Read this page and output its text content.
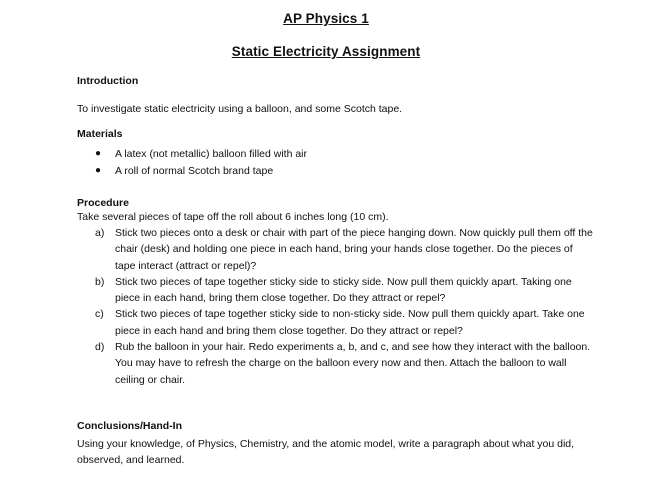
AP Physics 1
Static Electricity Assignment
Introduction
To investigate static electricity using a balloon, and some Scotch tape.
Materials
● A latex (not metallic) balloon filled with air
● A roll of normal Scotch brand tape
Procedure
Take several pieces of tape off the roll about 6 inches long (10 cm).
a) Stick two pieces onto a desk or chair with part of the piece hanging down. Now quickly pull them off the chair (desk) and holding one piece in each hand, bring your hands close together. Do the pieces of tape interact (attract or repel)?
b) Stick two pieces of tape together sticky side to sticky side. Now pull them quickly apart. Taking one piece in each hand, bring them close together. Do they attract or repel?
c) Stick two pieces of tape together sticky side to non-sticky side. Now pull them quickly apart. Take one piece in each hand and bring them close together. Do they attract or repel?
d) Rub the balloon in your hair. Redo experiments a, b, and c, and see how they interact with the balloon. You may have to refresh the charge on the balloon every now and then. Attach the balloon to wall ceiling or chair.
Conclusions/Hand-In
Using your knowledge, of Physics, Chemistry, and the atomic model, write a paragraph about what you did, observed, and learned.
